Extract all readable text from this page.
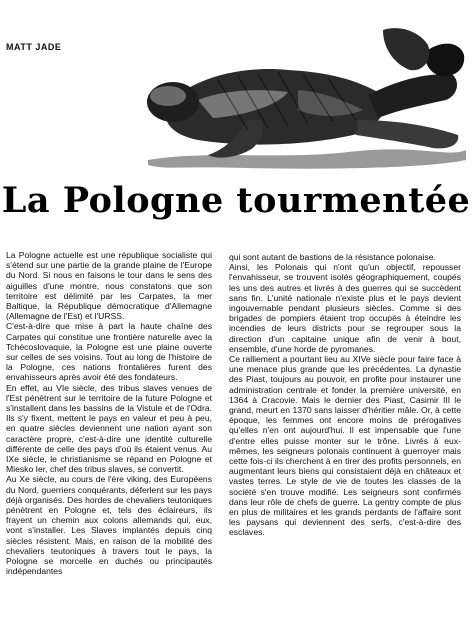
MATT JADE
La Pologne tourmentée

La Pologne actuelle est une république socialiste qui s'étend sur une partie de la grande plaine de l'Europe du Nord. Si nous en faisons le tour dans le sens des aiguilles d'une montre, nous constatons que son territoire est délimité par les Carpates, la mer Baltique, la République démocratique d'Allemagne (Allemagne de l'Est) et l'URSS.

C'est-à-dire que mise à part la haute chaîne des Carpates qui constitue une frontière naturelle avec la Tchécoslovaquie, la Pologne est une plaine ouverte sur celles de ses voisins. Tout au long de l'histoire de la Pologne, ces nations frontalières furent des envahisseurs après avoir été des fondateurs.

En effet, au VIe siècle, des tribus slaves venues de l'Est pénètrent sur le territoire de la future Pologne et s'installent dans les bassins de la Vistule et de l'Odra. Ils s'y fixent, mettent le pays en valeur et peu à peu, en quatre siècles deviennent une nation ayant son caractère propre, c'est-à-dire une identité culturelle différente de celle des pays d'où ils étaient venus. Au IXe siècle, le christianisme se répand en Pologne et Miesko Ier, chef des tribus slaves, se convertit.

Au Xe siècle, au cours de l'ère viking, des Européens du Nord, guerriers conquérants, déferlent sur les pays déjà organisés. Des hordes de chevaliers teutoniques pénètrent en Pologne et, tels des éclaireurs, ils frayent un chemin aux colons allemands qui, eux, vont s'installer. Les Slaves implantés depuis cinq siècles résistent. Mais, en raison de la mobilité des chevaliers teutoniques à travers tout le pays, la Pologne se morcelle en duchés ou principautés indépendantes

qui sont autant de bastions de la résistance polonaise.

Ainsi, les Polonais qui n'ont qu'un objectif, repousser l'envahisseur, se trouvent isolés géographiquement, coupés les uns des autres et livrés à des guerres qui se succèdent sans fin. L'unité nationale n'existe plus et le pays devient ingouvernable pendant plusieurs siècles. Comme si des brigades de pompiers étaient trop occupés à éteindre les incendies de leurs districts pour se regrouper sous la direction d'un capitaine unique afin de venir à bout, ensemble, d'une horde de pyromanes.

Ce ralliement a pourtant lieu au XIVe siècle pour faire face à une menace plus grande que les précédentes. La dynastie des Piast, toujours au pouvoir, en profite pour instaurer une administration centrale et fonder la première université, en 1364 à Cracovie. Mais le dernier des Piast, Casimir III le grand, meurt en 1370 sans laisser d'héritier mâle. Or, à cette époque, les femmes ont encore moins de prérogatives qu'elles n'en ont aujourd'hui. Il est impensable que l'une d'entre elles puisse monter sur le trône. Livrés à eux-mêmes, les seigneurs polonais continuent à guerroyer mais cette fois-ci ils cherchent à en tirer des profits personnels, en augmentant leurs biens qui consistaient déjà en châteaux et vastes terres. Le style de vie de toutes les classes de la société s'en trouve modifié. Les seigneurs sont confirmés dans leur rôle de chefs de guerre. La gentry compte de plus en plus de militaires et les grands perdants de l'affaire sont les paysans qui deviennent des serfs, c'est-à-dire des esclaves.
